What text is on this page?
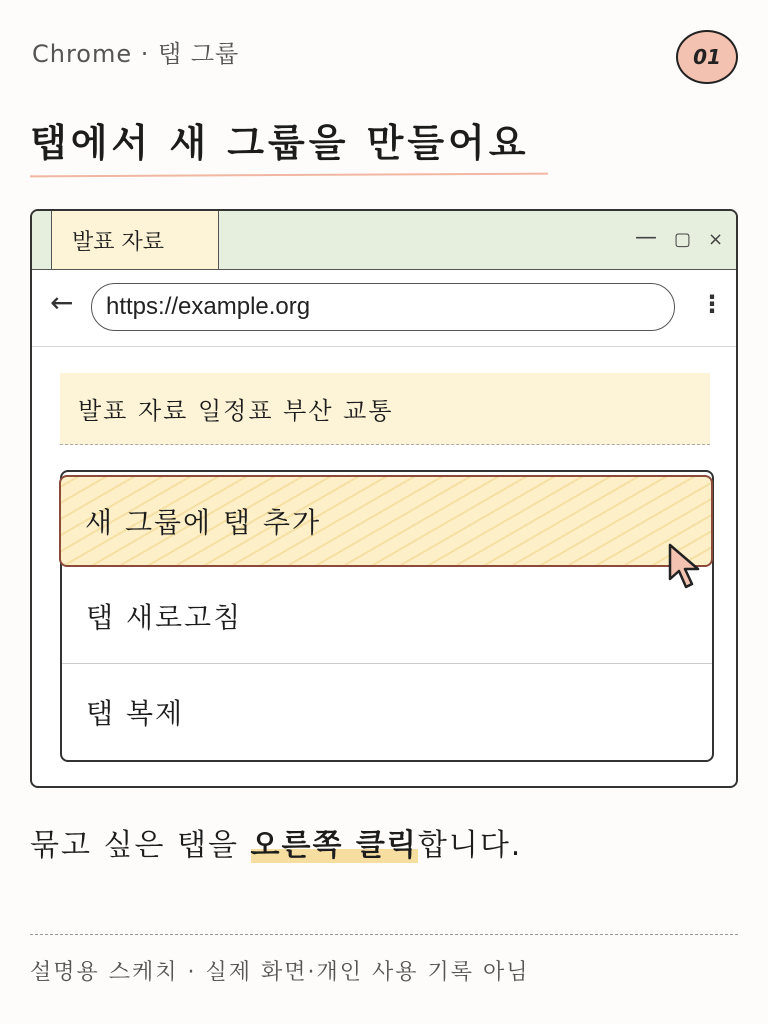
Chrome · 탭 그룹	01
탭에서 새 그룹을 만들어요
발표 자료	— ▢ ×
←	https://example.org	⋮
발표 자료 일정표 부산 교통
새 그룹에 탭 추가
탭 새로고침
탭 복제
묶고 싶은 탭을 오른쪽 클릭합니다.
설명용 스케치 · 실제 화면·개인 사용 기록 아님
